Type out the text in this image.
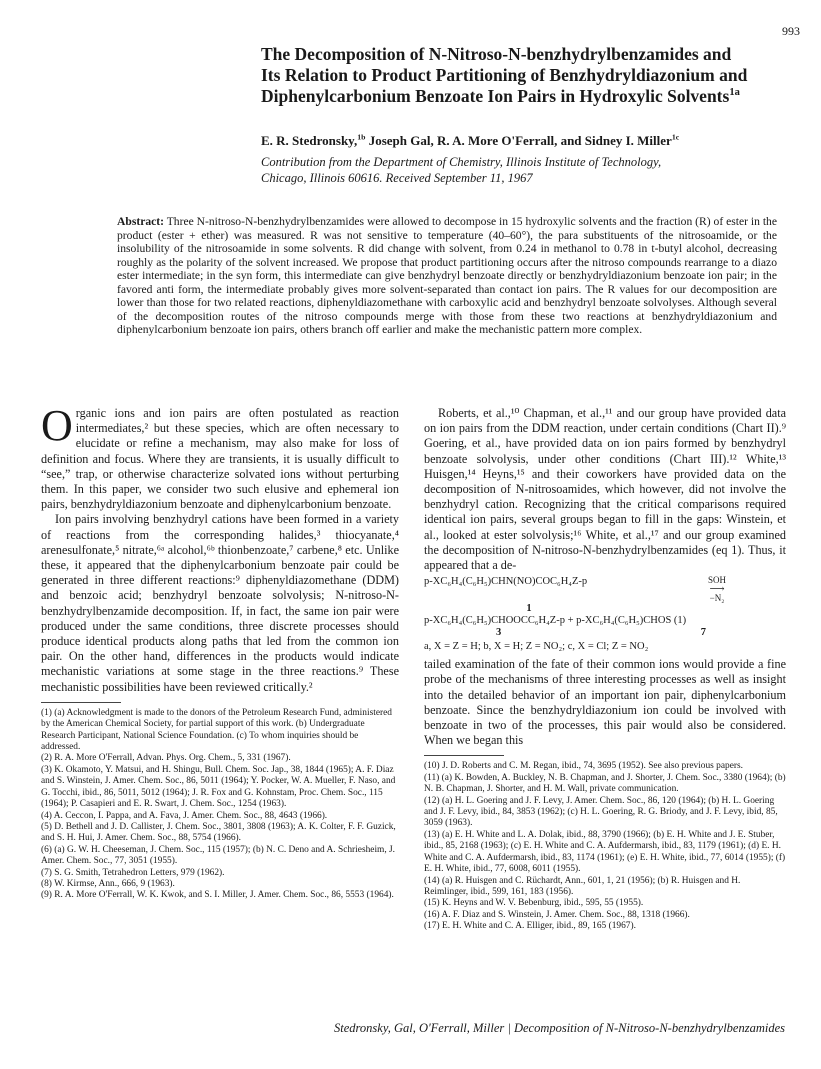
993
The Decomposition of N-Nitroso-N-benzhydrylbenzamides and
Its Relation to Product Partitioning of Benzhydryldiazonium and
Diphenylcarbonium Benzoate Ion Pairs in Hydroxylic Solvents$^{1a}$
E. R. Stedronsky,$^{1b}$ Joseph Gal, R. A. More O'Ferrall, and Sidney I. Miller$^{1c}$
Contribution from the Department of Chemistry, Illinois Institute of Technology,
Chicago, Illinois 60616. Received September 11, 1967
Abstract: Three N-nitroso-N-benzhydrylbenzamides were allowed to decompose in 15 hydroxylic solvents and the fraction (R) of ester in the product (ester + ether) was measured. R was not sensitive to temperature (40–60°), the para substituents of the nitrosoamide, or the insolubility of the nitrosoamide in some solvents. R did change with solvent, from 0.24 in methanol to 0.78 in t-butyl alcohol, decreasing roughly as the polarity of the solvent increased. We propose that product partitioning occurs after the nitroso compounds rearrange to a diazo ester intermediate; in the syn form, this intermediate can give benzhydryl benzoate directly or benzhydryldiazonium benzoate ion pair; in the favored anti form, the intermediate probably gives more solvent-separated than contact ion pairs. The R values for our decomposition are lower than those for two related reactions, diphenyldiazomethane with carboxylic acid and benzhydryl benzoate solvolyses. Although several of the decomposition routes of the nitroso compounds merge with those from these two reactions at benzhydryldiazonium and diphenylcarbonium benzoate ion pairs, others branch off earlier and make the mechanistic pattern more complex.

Organic ions and ion pairs are often postulated as reaction intermediates,² but these species, which are often necessary to elucidate or refine a mechanism, may also make for loss of definition and focus. Where they are transients, it is usually difficult to “see,” trap, or otherwise characterize solvated ions without perturbing them. In this paper, we consider two such elusive and ephemeral ion pairs, benzhydryldiazonium benzoate and diphenylcarbonium benzoate.

Ion pairs involving benzhydryl cations have been formed in a variety of reactions from the corresponding halides,³ thiocyanate,⁴ arenesulfonate,⁵ nitrate,⁶ᵃ alcohol,⁶ᵇ thionbenzoate,⁷ carbene,⁸ etc. Unlike these, it appeared that the diphenylcarbonium benzoate pair could be generated in three different reactions:⁹ diphenyldiazomethane (DDM) and benzoic acid; benzhydryl benzoate solvolysis; N-nitroso-N-benzhydrylbenzamide decomposition. If, in fact, the same ion pair were produced under the same conditions, three discrete processes should produce identical products along paths that led from the common ion pair. On the other hand, differences in the products would indicate mechanistic variations at some stage in the three reactions.⁹ These mechanistic possibilities have been reviewed critically.²

(1) (a) Acknowledgment is made to the donors of the Petroleum Research Fund, administered by the American Chemical Society, for partial support of this work. (b) Undergraduate Research Participant, National Science Foundation. (c) To whom inquiries should be addressed.

(2) R. A. More O'Ferrall, Advan. Phys. Org. Chem., 5, 331 (1967).

(3) K. Okamoto, Y. Matsui, and H. Shingu, Bull. Chem. Soc. Jap., 38, 1844 (1965); A. F. Diaz and S. Winstein, J. Amer. Chem. Soc., 86, 5011 (1964); Y. Pocker, W. A. Mueller, F. Naso, and G. Tocchi, ibid., 86, 5011, 5012 (1964); J. R. Fox and G. Kohnstam, Proc. Chem. Soc., 115 (1964); P. Casapieri and E. R. Swart, J. Chem. Soc., 1254 (1963).

(4) A. Ceccon, I. Pappa, and A. Fava, J. Amer. Chem. Soc., 88, 4643 (1966).

(5) D. Bethell and J. D. Callister, J. Chem. Soc., 3801, 3808 (1963); A. K. Colter, F. F. Guzick, and S. H. Hui, J. Amer. Chem. Soc., 88, 5754 (1966).

(6) (a) G. W. H. Cheeseman, J. Chem. Soc., 115 (1957); (b) N. C. Deno and A. Schriesheim, J. Amer. Chem. Soc., 77, 3051 (1955).

(7) S. G. Smith, Tetrahedron Letters, 979 (1962).

(8) W. Kirmse, Ann., 666, 9 (1963).

(9) R. A. More O'Ferrall, W. K. Kwok, and S. I. Miller, J. Amer. Chem. Soc., 86, 5553 (1964).

Roberts, et al.,¹⁰ Chapman, et al.,¹¹ and our group have provided data on ion pairs from the DDM reaction, under certain conditions (Chart II).⁹ Goering, et al., have provided data on ion pairs formed by benzhydryl benzoate solvolysis, under other conditions (Chart III).¹² White,¹³ Huisgen,¹⁴ Heyns,¹⁵ and their coworkers have provided data on the decomposition of N-nitrosoamides, which however, did not involve the benzhydryl cation. Recognizing that the critical comparisons required identical ion pairs, several groups began to fill in the gaps: Winstein, et al., looked at ester solvolysis;¹⁶ White, et al.,¹⁷ and our group examined the decomposition of N-nitroso-N-benzhydrylbenzamides (eq 1). Thus, it appeared that a de-

p-XC₆H₄(C₆H₅)CHN(NO)COC₆H₄Z-p	SOH
⟶
−N₂
1
p-XC₆H₄(C₆H₅)CHOOCC₆H₄Z-p + p-XC₆H₄(C₆H₅)CHOS (1)
3	7
a, X = Z = H; b, X = H; Z = NO₂; c, X = Cl; Z = NO₂

tailed examination of the fate of their common ions would provide a fine probe of the mechanisms of three interesting processes as well as insight into the detailed behavior of an important ion pair, diphenylcarbonium benzoate. Since the benzhydryldiazonium ion could be involved with benzoate in two of the processes, this pair would also be considered. When we began this

(10) J. D. Roberts and C. M. Regan, ibid., 74, 3695 (1952). See also previous papers.

(11) (a) K. Bowden, A. Buckley, N. B. Chapman, and J. Shorter, J. Chem. Soc., 3380 (1964); (b) N. B. Chapman, J. Shorter, and H. M. Wall, private communication.

(12) (a) H. L. Goering and J. F. Levy, J. Amer. Chem. Soc., 86, 120 (1964); (b) H. L. Goering and J. F. Levy, ibid., 84, 3853 (1962); (c) H. L. Goering, R. G. Briody, and J. F. Levy, ibid, 85, 3059 (1963).

(13) (a) E. H. White and L. A. Dolak, ibid., 88, 3790 (1966); (b) E. H. White and J. E. Stuber, ibid., 85, 2168 (1963); (c) E. H. White and C. A. Aufdermarsh, ibid., 83, 1179 (1961); (d) E. H. White and C. A. Aufdermarsh, ibid., 83, 1174 (1961); (e) E. H. White, ibid., 77, 6014 (1955); (f) E. H. White, ibid., 77, 6008, 6011 (1955).

(14) (a) R. Huisgen and C. Rüchardt, Ann., 601, 1, 21 (1956); (b) R. Huisgen and H. Reimlinger, ibid., 599, 161, 183 (1956).

(15) K. Heyns and W. V. Bebenburg, ibid., 595, 55 (1955).

(16) A. F. Diaz and S. Winstein, J. Amer. Chem. Soc., 88, 1318 (1966).

(17) E. H. White and C. A. Elliger, ibid., 89, 165 (1967).

Stedronsky, Gal, O'Ferrall, Miller | Decomposition of N-Nitroso-N-benzhydrylbenzamides
